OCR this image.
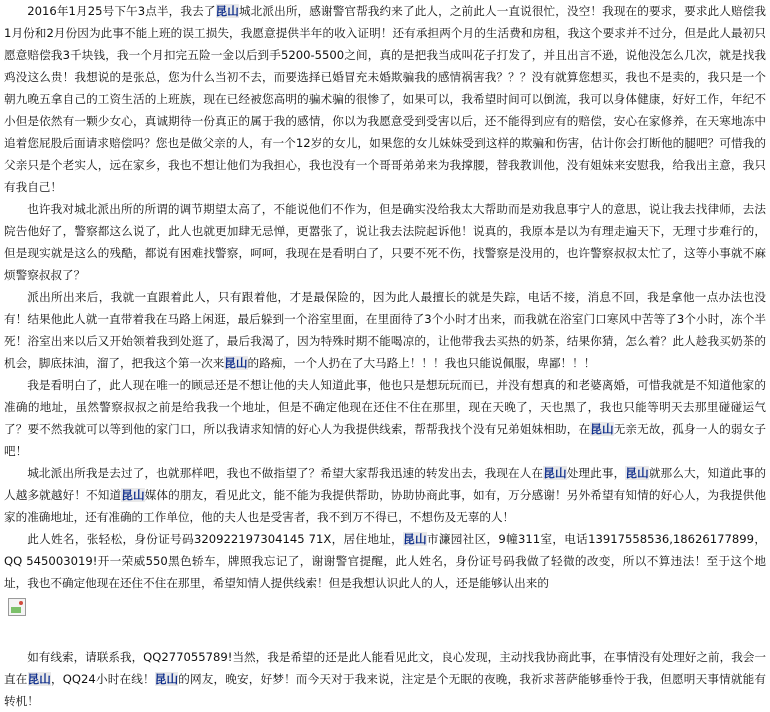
2016年1月25号下午3点半，我去了昆山城北派出所，感谢警官帮我约来了此人，之前此人一直说很忙，没空！我现在的要求，要求此人赔偿我1月份和2月份因为此事不能上班的误工损失，我愿意提供半年的收入证明！还有承担两个月的生活费和房租，我这个要求并不过分，但是此人最初只愿意赔偿我3千块钱，我一个月扣完五险一金以后到手5200-5500之间，真的是把我当成叫花子打发了，并且出言不逊，说他没怎么几次，就是找我鸡没这么贵！我想说的是张总，您为什么当初不去，而要选择已婚冒充未婚欺骗我的感情祸害我？？？没有就算您想买，我也不是卖的，我只是一个朝九晚五拿自己的工资生活的上班族，现在已经被您高明的骗术骗的很惨了，如果可以，我希望时间可以倒流，我可以身体健康，好好工作，年纪不小但是依然有一颗少女心，真诚期待一份真正的属于我的感情，你以为我愿意受到受害以后，还不能得到应有的赔偿，安心在家修养，在天寒地冻中追着您屁股后面请求赔偿吗？您也是做父亲的人，有一个12岁的女儿，如果您的女儿妹妹受到这样的欺骗和伤害，估计你会打断他的腿吧？可惜我的父亲只是个老实人，远在家乡，我也不想让他们为我担心，我也没有一个哥哥弟弟来为我撑腰，替我教训他，没有姐妹来安慰我，给我出主意，我只有我自己！

也许我对城北派出所的所谓的调节期望太高了，不能说他们不作为，但是确实没给我太大帮助而是劝我息事宁人的意思，说让我去找律师，去法院告他好了，警察都这么说了，此人也就更加肆无忌惮，更嚣张了，说让我去法院起诉他！说真的，我原本是以为有理走遍天下，无理寸步难行的，但是现实就是这么的残酷，都说有困难找警察，呵呵，我现在是看明白了，只要不死不伤，找警察是没用的，也许警察叔叔太忙了，这等小事就不麻烦警察叔叔了？

派出所出来后，我就一直跟着此人，只有跟着他，才是最保险的，因为此人最擅长的就是失踪，电话不接，消息不回，我是拿他一点办法也没有！结果他此人就一直带着我在马路上闲逛，最后躲到一个浴室里面，在里面待了3个小时才出来，而我就在浴室门口寒风中苦等了3个小时，冻个半死！浴室出来以后又开始领着我到处逛了，最后我渴了，因为特殊时期不能喝凉的，让他带我去买热的奶茶，结果你猜，怎么着？此人趁我买奶茶的机会，脚底抹油，溜了，把我这个第一次来昆山的路痴，一个人扔在了大马路上！！！我也只能说佩服，卑鄙！！！

我是看明白了，此人现在唯一的顾忌还是不想让他的夫人知道此事，他也只是想玩玩而已，并没有想真的和老婆离婚，可惜我就是不知道他家的准确的地址，虽然警察叔叔之前是给我我一个地址，但是不确定他现在还住不住在那里，现在天晚了，天也黑了，我也只能等明天去那里碰碰运气了？要不然我就可以等到他的家门口，所以我请求知情的好心人为我提供线索，帮帮我找个没有兄弟姐妹相助，在昆山无亲无故，孤身一人的弱女子吧！

城北派出所我是去过了，也就那样吧，我也不做指望了？希望大家帮我迅速的转发出去，我现在人在昆山处理此事，昆山就那么大，知道此事的人越多就越好！不知道昆山媒体的朋友，看见此文，能不能为我提供帮助，协助协商此事，如有，万分感谢！另外希望有知情的好心人，为我提供他家的准确地址，还有准确的工作单位，他的夫人也是受害者，我不到万不得已，不想伤及无辜的人！

此人姓名，张轻松，身份证号码320922197304145 71X，居住地址，昆山市濂园社区，9幢311室，电话13917558536,18626177899，QQ 545003019!开一荣威550黑色轿车，牌照我忘记了，谢谢警官提醒，此人姓名，身份证号码我做了轻微的改变，所以不算违法！至于这个地址，我也不确定他现在还住不住在那里，希望知情人提供线索！但是我想认识此人的人，还是能够认出来的

如有线索，请联系我，QQ277055789!当然，我是希望的还是此人能看见此文，良心发现，主动找我协商此事，在事情没有处理好之前，我会一直在昆山，QQ24小时在线！昆山的网友，晚安，好梦！而今天对于我来说，注定是个无眠的夜晚，我祈求菩萨能够垂怜于我，但愿明天事情就能有转机！
